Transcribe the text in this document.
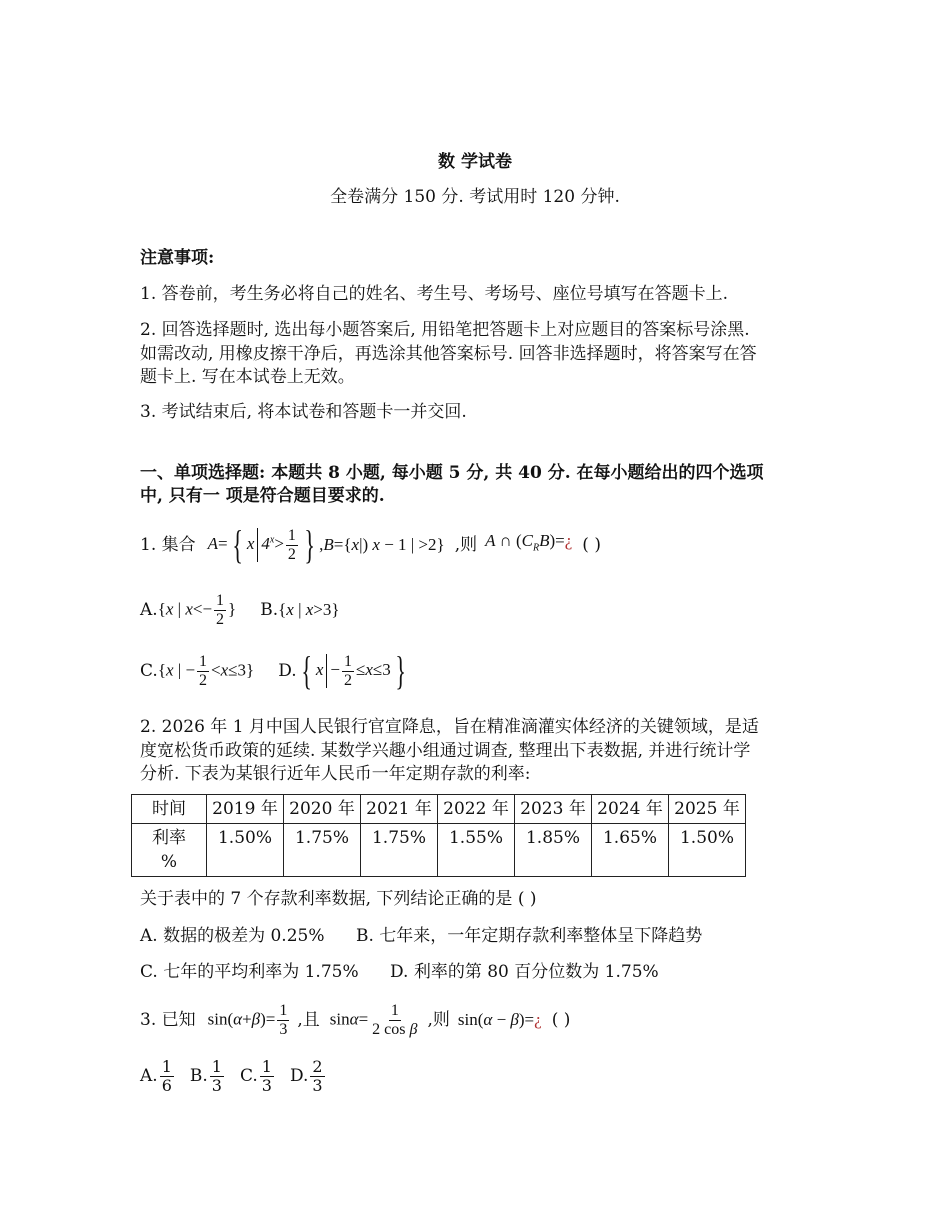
数 学试卷
全卷满分 150 分. 考试用时 120 分钟.
注意事项:
1. 答卷前，考生务必将自己的姓名、考生号、考场号、座位号填写在答题卡上.
2. 回答选择题时, 选出每小题答案后, 用铅笔把答题卡上对应题目的答案标号涂黑.
如需改动, 用橡皮擦干净后，再选涂其他答案标号. 回答非选择题时，将答案写在答
题卡上. 写在本试卷上无效。
3. 考试结束后, 将本试卷和答题卡一并交回.
一、单项选择题: 本题共 8 小题, 每小题 5 分, 共 40 分. 在每小题给出的四个选项
中, 只有一 项是符合题目要求的.
1. 集合 A= { x $4^x> \frac{1}{2}$ } ,B={x|) x − 1 | >2} ,则 A ∩ $(C_RB)=¿$ ( )
A. {x | $x<- \frac{1}{2}$ } B. {x | x>3}
C. {x | − $\frac{1}{2} <x\le 3$} D. { $x - \frac{1}{2} \le x\le 3$ }
2. 2026 年 1 月中国人民银行官宣降息，旨在精准滴灌实体经济的关键领域，是适
度宽松货币政策的延续. 某数学兴趣小组通过调查, 整理出下表数据, 并进行统计学
分析. 下表为某银行近年人民币一年定期存款的利率:
时间	2019 年	2020 年	2021 年	2022 年	2023 年	2024 年	2025 年
利率
%	1.50%	1.75%	1.75%	1.55%	1.85%	1.65%	1.50%
关于表中的 7 个存款利率数据, 下列结论正确的是 ( )
A. 数据的极差为 0.25% B. 七年来，一年定期存款利率整体呈下降趋势
C. 七年的平均利率为 1.75% D. 利率的第 80 百分位数为 1.75%
3. 已知 $\sin(\alpha+\beta)= \frac{1}{3}$ ,且 $\sin\alpha= \frac{1}{\text{2 cos β}}$ ,则 sin(α − β)=¿ ( )
A. $\frac{1}{6} B$. $\frac{1}{3} C$. $\frac{1}{3} D$. $\frac{2}{3}$
